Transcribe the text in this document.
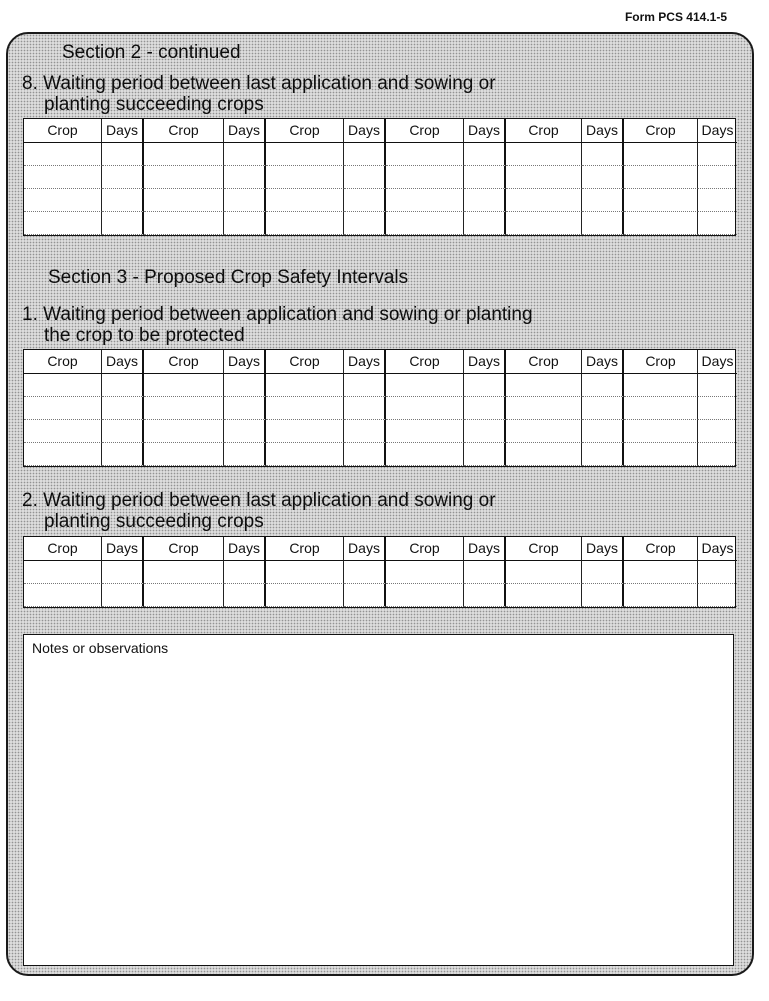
Form PCS 414.1-5
Section 2 - continued
8. Waiting period between last application and sowing or
planting succeeding crops
Crop	Days	Crop	Days	Crop	Days	Crop	Days	Crop	Days	Crop	Days
Section 3 - Proposed Crop Safety Intervals
1. Waiting period between application and sowing or planting
the crop to be protected
Crop	Days	Crop	Days	Crop	Days	Crop	Days	Crop	Days	Crop	Days
2. Waiting period between last application and sowing or
planting succeeding crops
Crop	Days	Crop	Days	Crop	Days	Crop	Days	Crop	Days	Crop	Days
Notes or observations
